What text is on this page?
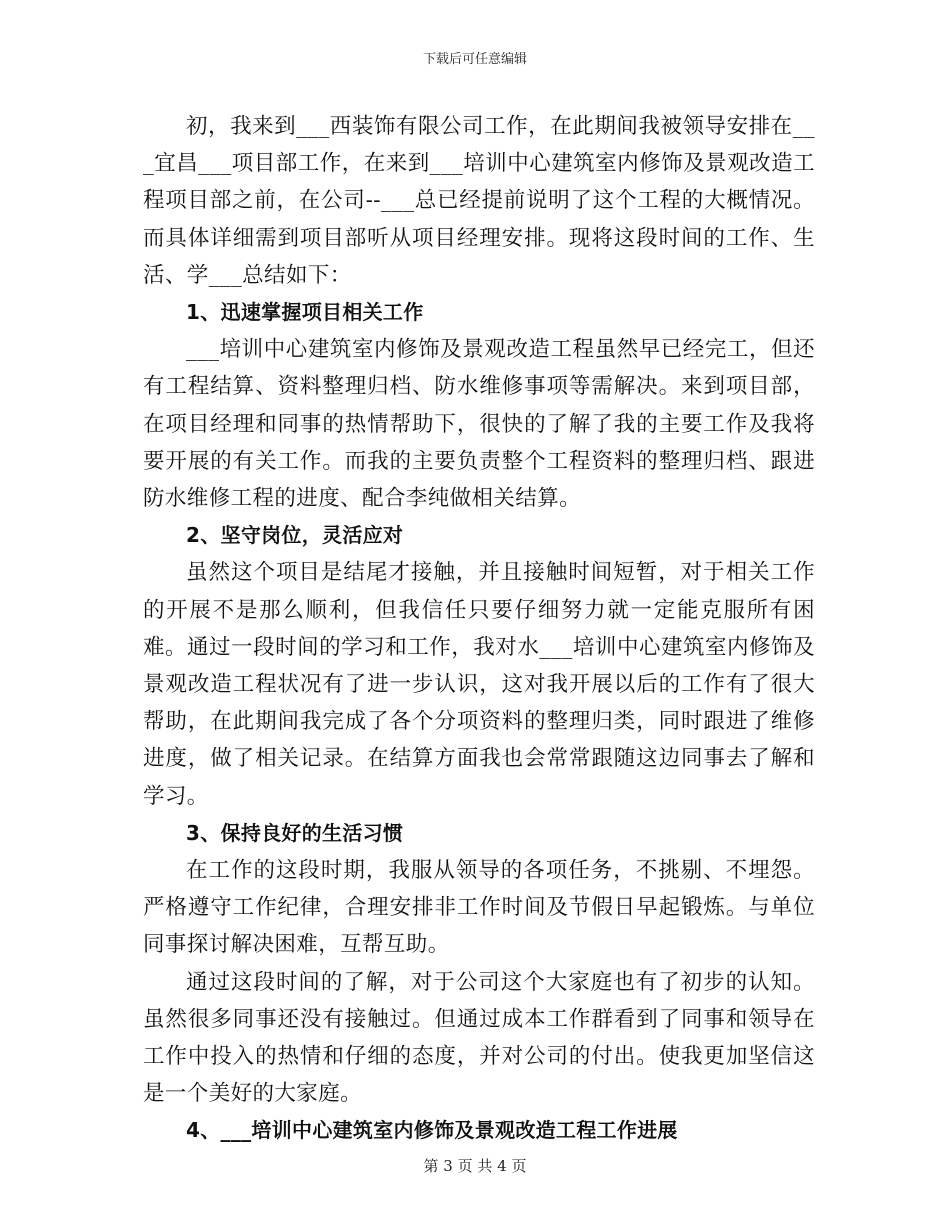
下载后可任意编辑

初，我来到___西装饰有限公司工作，在此期间我被领导安排在___宜昌___项目部工作，在来到___培训中心建筑室内修饰及景观改造工程项目部之前，在公司--___总已经提前说明了这个工程的大概情况。而具体详细需到项目部听从项目经理安排。现将这段时间的工作、生活、学___总结如下：

1、迅速掌握项目相关工作

___培训中心建筑室内修饰及景观改造工程虽然早已经完工，但还有工程结算、资料整理归档、防水维修事项等需解决。来到项目部，在项目经理和同事的热情帮助下，很快的了解了我的主要工作及我将要开展的有关工作。而我的主要负责整个工程资料的整理归档、跟进防水维修工程的进度、配合李纯做相关结算。

2、坚守岗位，灵活应对

虽然这个项目是结尾才接触，并且接触时间短暂，对于相关工作的开展不是那么顺利，但我信任只要仔细努力就一定能克服所有困难。通过一段时间的学习和工作，我对水___培训中心建筑室内修饰及景观改造工程状况有了进一步认识，这对我开展以后的工作有了很大帮助，在此期间我完成了各个分项资料的整理归类，同时跟进了维修进度，做了相关记录。在结算方面我也会常常跟随这边同事去了解和学习。

3、保持良好的生活习惯

在工作的这段时期，我服从领导的各项任务，不挑剔、不埋怨。严格遵守工作纪律，合理安排非工作时间及节假日早起锻炼。与单位同事探讨解决困难，互帮互助。

通过这段时间的了解，对于公司这个大家庭也有了初步的认知。虽然很多同事还没有接触过。但通过成本工作群看到了同事和领导在工作中投入的热情和仔细的态度，并对公司的付出。使我更加坚信这是一个美好的大家庭。

4、___培训中心建筑室内修饰及景观改造工程工作进展

第 3 页 共 4 页
